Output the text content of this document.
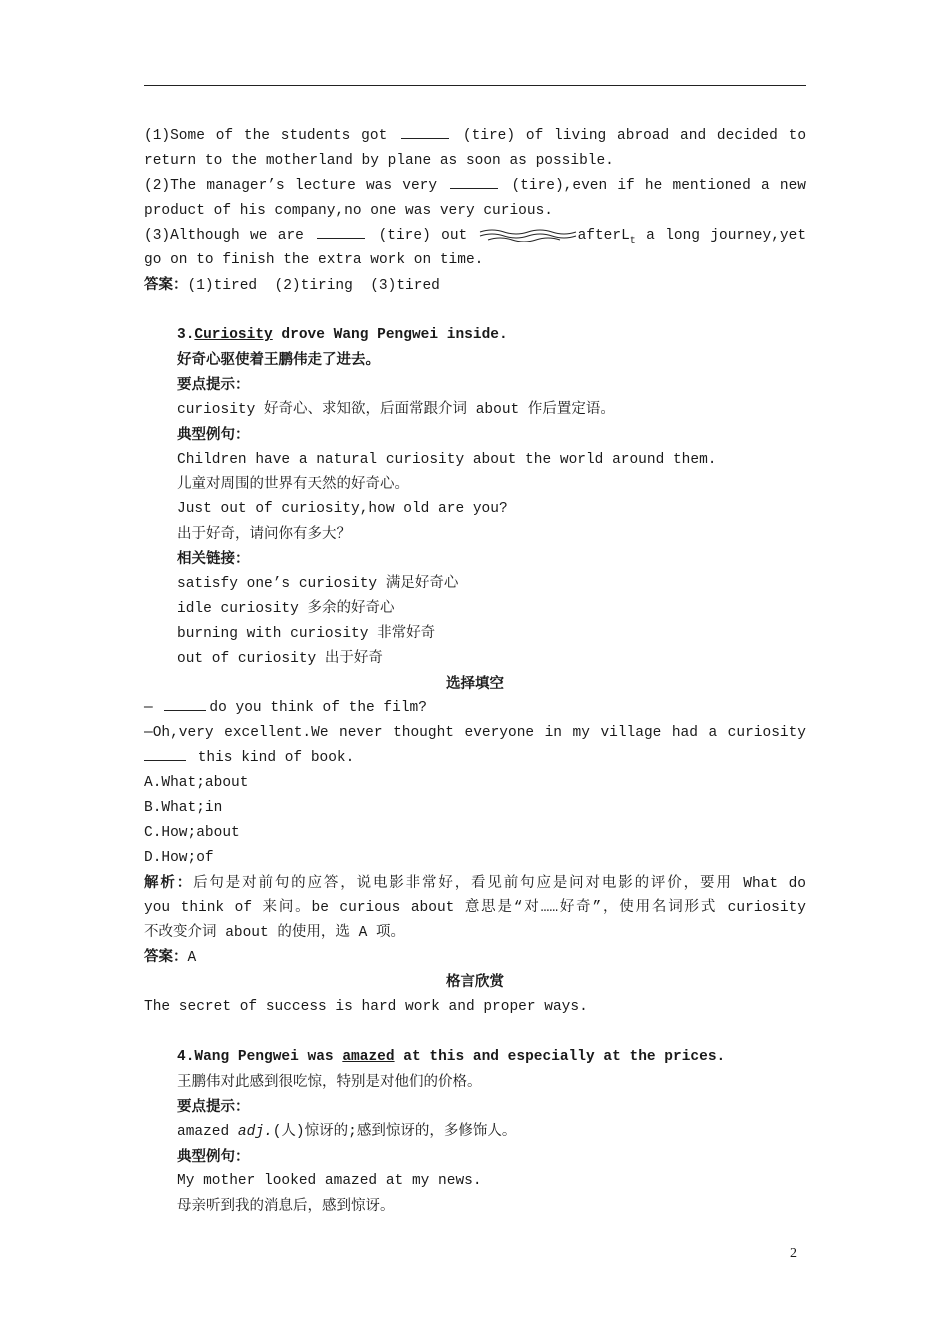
(1)Some of the students got	(tire) of living abroad and decided to
return to the motherland by plane as soon as possible.
(2)The manager’s lecture was very	(tire),even if he mentioned a new
product of his company,no one was very curious.
(3)Although we are	(tire) out	afterL$_t$ a long journey,yet
go on to finish the extra work on time.
答案：(1)tired  (2)tiring  (3)tired
3.Curiosity drove Wang Pengwei inside.
好奇心驱使着王鹏伟走了进去。
要点提示：
curiosity 好奇心、求知欲，后面常跟介词 about 作后置定语。
典型例句：
Children have a natural curiosity about the world around them.
儿童对周围的世界有天然的好奇心。
Just out of curiosity,how old are you?
出于好奇，请问你有多大？
相关链接：
satisfy one’s curiosity 满足好奇心
idle curiosity 多余的好奇心
burning with curiosity 非常好奇
out of curiosity 出于好奇
选择填空
—	do you think of the film?
—Oh,very excellent.We never thought everyone in my village had a curiosity
this kind of book.
A.What;about
B.What;in
C.How;about
D.How;of
解析：后句是对前句的应答，说电影非常好，看见前句应是问对电影的评价，要用 What do
you think of 来问。be curious about 意思是“对……好奇”，使用名词形式 curiosity
不改变介词 about 的使用，选 A 项。
答案：A
格言欣赏
The secret of success is hard work and proper ways.
4.Wang Pengwei was amazed at this and especially at the prices.
王鹏伟对此感到很吃惊，特别是对他们的价格。
要点提示：
amazed adj.(人)惊讶的;感到惊讶的，多修饰人。
典型例句：
My mother looked amazed at my news.
母亲听到我的消息后，感到惊讶。
2
